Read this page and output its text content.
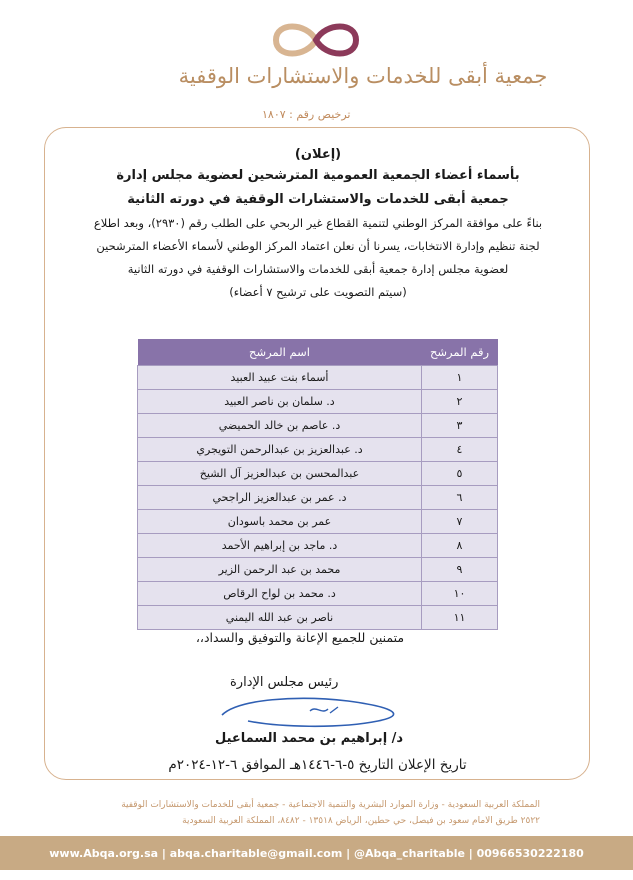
جمعية أبقى للخدمات والاستشارات الوقفية
ترخيص رقم : ١٨٠٧

(إعلان)

بأسماء أعضاء الجمعية العمومية المترشحين لعضوية مجلس إدارة

جمعية أبقى للخدمات والاستشارات الوقفية في دورته الثانية

بناءً على موافقة المركز الوطني لتنمية القطاع غير الربحي على الطلب رقم (٢٩٣٠)، وبعد اطلاع

لجنة تنظيم وإدارة الانتخابات، يسرنا أن نعلن اعتماد المركز الوطني لأسماء الأعضاء المترشحين

لعضوية مجلس إدارة جمعية أبقى للخدمات والاستشارات الوقفية في دورته الثانية

(سيتم التصويت على ترشيح ٧ أعضاء)

رقم المرشح	اسم المرشح
١	أسماء بنت عبيد العبيد
٢	د. سلمان بن ناصر العبيد
٣	د. عاصم بن خالد الحميضي
٤	د. عبدالعزيز بن عبدالرحمن التويجري
٥	عبدالمحسن بن عبدالعزيز آل الشيخ
٦	د. عمر بن عبدالعزيز الراجحي
٧	عمر بن محمد باسودان
٨	د. ماجد بن إبراهيم الأحمد
٩	محمد بن عبد الرحمن الزير
١٠	د. محمد بن لواح الرقاص
١١	ناصر بن عبد الله اليمني
متمنين للجميع الإعانة والتوفيق والسداد،،
رئيس مجلس الإدارة
د/ إبراهيم بن محمد السماعيل
تاريخ الإعلان التاريخ ٥-٦-١٤٤٦هـ الموافق ٦-١٢-٢٠٢٤م
المملكة العربية السعودية - وزارة الموارد البشرية والتنمية الاجتماعية - جمعية أبقى للخدمات والاستشارات الوقفية
٢٥٢٢ طريق الامام سعود بن فيصل، حي حطين، الرياض ١٣٥١٨ - ٨٤٨٢، المملكة العربية السعودية
www.Abqa.org.sa | abqa.charitable@gmail.com | @Abqa_charitable | 00966530222180
